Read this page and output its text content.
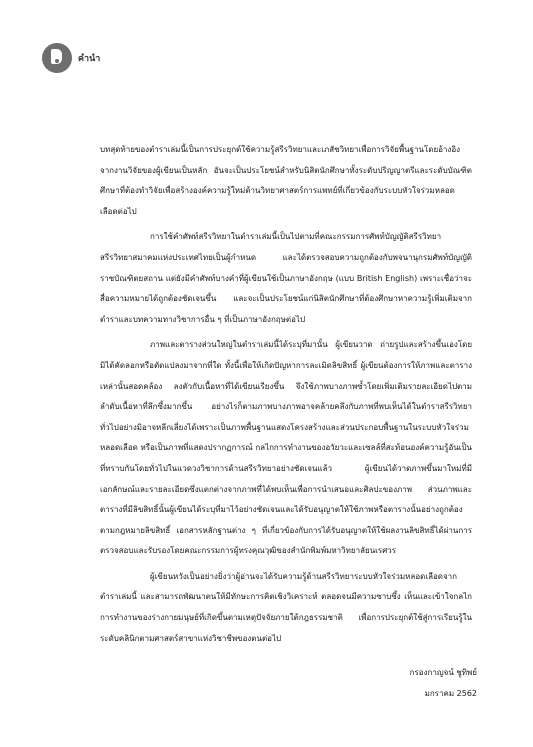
คำนำ

บทสุดท้ายของตำราเล่มนี้เป็นการประยุกต์ใช้ความรู้สรีรวิทยาและเภสัชวิทยาเพื่อการวิจัยพื้นฐานโดยอ้างอิงจากงานวิจัยของผู้เขียนเป็นหลัก อันจะเป็นประโยชน์สำหรับนิสิตนักศึกษาทั้งระดับปริญญาตรีและระดับบัณฑิตศึกษาที่ต้องทำวิจัยเพื่อสร้างองค์ความรู้ใหม่ด้านวิทยาศาสตร์การแพทย์ที่เกี่ยวข้องกับระบบหัวใจร่วมหลอดเลือดต่อไป

การใช้คำศัพท์สรีรวิทยาในตำราเล่มนี้เป็นไปตามที่คณะกรรมการศัพท์บัญญัติสรีรวิทยาสรีรวิทยาสมาคมแห่งประเทศไทยเป็นผู้กำหนด และได้ตรวจสอบความถูกต้องกับพจนานุกรมศัพท์บัญญัติราชบัณฑิตยสถาน แต่ยังมีคำศัพท์บางคำที่ผู้เขียนใช้เป็นภาษาอังกฤษ (แบบ British English) เพราะเชื่อว่าจะสื่อความหมายได้ถูกต้องชัดเจนขึ้น และจะเป็นประโยชน์แก่นิสิตนักศึกษาที่ต้องศึกษาหาความรู้เพิ่มเติมจากตำราและบทความทางวิชาการอื่น ๆ ที่เป็นภาษาอังกฤษต่อไป

ภาพและตารางส่วนใหญ่ในตำราเล่มนี้ได้ระบุที่มานั้น ผู้เขียนวาด ถ่ายรูปและสร้างขึ้นเองโดยมิได้คัดลอกหรือตัดแปลงมาจากที่ใด ทั้งนี้เพื่อให้เกิดปัญหาการละเมิดลิขสิทธิ์ ผู้เขียนต้องการให้ภาพและตารางเหล่านั้นสอดคล้อง ลงตัวกับเนื้อหาที่ได้เขียนเรียงขึ้น จึงใช้ภาพบางภาพซ้ำโดยเพิ่มเติมรายละเอียดไปตามลำดับเนื้อหาที่ลึกซึ้งมากขึ้น อย่างไรก็ตามภาพบางภาพอาจคล้ายคลึงกับภาพที่พบเห็นได้ในตำราสรีรวิทยาทั่วไปอย่างมิอาจหลีกเลี่ยงได้เพราะเป็นภาพพื้นฐานแสดงโครงสร้างและส่วนประกอบพื้นฐานในระบบหัวใจร่วมหลอดเลือด หรือเป็นภาพที่แสดงปรากฏการณ์ กลไกการทำงานของอวัยวะและเซลล์ที่สะท้อนองค์ความรู้อันเป็นที่ทราบกันโดยทั่วไปในแวดวงวิชาการด้านสรีรวิทยาอย่างชัดเจนแล้ว ผู้เขียนได้วาดภาพขึ้นมาใหม่ที่มีเอกลักษณ์และรายละเอียดซึ่งแตกต่างจากภาพที่ได้พบเห็นเพื่อการนำเสนอและศิลปะของภาพ ส่วนภาพและตารางที่มีลิขสิทธิ์นั้นผู้เขียนได้ระบุที่มาไว้อย่างชัดเจนและได้รับอนุญาตให้ใช้ภาพหรือตารางนั้นอย่างถูกต้องตามกฎหมายลิขสิทธิ์ เอกสารหลักฐานต่าง ๆ ที่เกี่ยวข้องกับการได้รับอนุญาตให้ใช้ผลงานลิขสิทธิ์ได้ผ่านการตรวจสอบและรับรองโดยคณะกรรมการผู้ทรงคุณวุฒิของสำนักพิมพ์มหาวิทยาลัยนเรศวร

ผู้เขียนหวังเป็นอย่างยิ่งว่าผู้อ่านจะได้รับความรู้ด้านสรีรวิทยาระบบหัวใจร่วมหลอดเลือดจากตำราเล่มนี้ และสามารถพัฒนาตนให้มีทักษะการคิดเชิงวิเคราะห์ ตลอดจนมีความซาบซึ้ง เห็นและเข้าใจกลไกการทำงานของร่างกายมนุษย์ที่เกิดขึ้นตามเหตุปัจจัยภายใต้กฎธรรมชาติ เพื่อการประยุกต์ใช้สู่การเรียนรู้ในระดับคลินิกตามศาสตร์สาขาแห่งวิชาชีพของตนต่อไป

กรองกาญจน์ ชูทิพย์
มกราคม 2562
